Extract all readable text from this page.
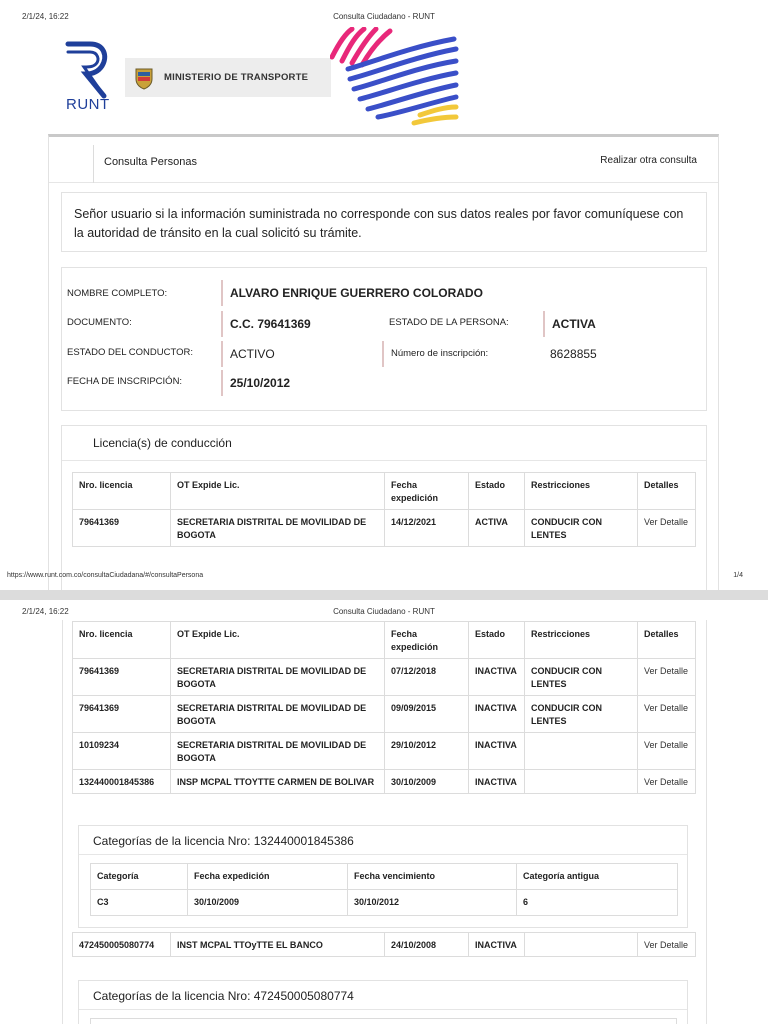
2/1/24, 16:22	Consulta Ciudadano - RUNT
RUNT
MINISTERIO DE TRANSPORTE
Consulta Personas	Realizar otra consulta
Señor usuario si la información suministrada no corresponde con sus datos reales por favor comuníquese con la autoridad de tránsito en la cual solicitó su trámite.
NOMBRE COMPLETO:	ALVARO ENRIQUE GUERRERO COLORADO
DOCUMENTO:	C.C. 79641369	ESTADO DE LA PERSONA:	ACTIVA
ESTADO DEL CONDUCTOR:	ACTIVO	Número de inscripción:	8628855
FECHA DE INSCRIPCIÓN:	25/10/2012
Licencia(s) de conducción
Nro. licencia	OT Expide Lic.	Fecha expedición	Estado	Restricciones	Detalles
79641369	SECRETARIA DISTRITAL DE MOVILIDAD DE BOGOTA	14/12/2021	ACTIVA	CONDUCIR CON LENTES	Ver Detalle
https://www.runt.com.co/consultaCiudadana/#/consultaPersona	1/4
2/1/24, 16:22	Consulta Ciudadano - RUNT
Nro. licencia	OT Expide Lic.	Fecha expedición	Estado	Restricciones	Detalles
79641369	SECRETARIA DISTRITAL DE MOVILIDAD DE BOGOTA	07/12/2018	INACTIVA	CONDUCIR CON LENTES	Ver Detalle
79641369	SECRETARIA DISTRITAL DE MOVILIDAD DE BOGOTA	09/09/2015	INACTIVA	CONDUCIR CON LENTES	Ver Detalle
10109234	SECRETARIA DISTRITAL DE MOVILIDAD DE BOGOTA	29/10/2012	INACTIVA		Ver Detalle
132440001845386	INSP MCPAL TTOYTTE CARMEN DE BOLIVAR	30/10/2009	INACTIVA		Ver Detalle
Categorías de la licencia Nro: 132440001845386
Categoría	Fecha expedición	Fecha vencimiento	Categoría antigua
C3	30/10/2009	30/10/2012	6
472450005080774	INST MCPAL TTOyTTE EL BANCO	24/10/2008	INACTIVA		Ver Detalle
Categorías de la licencia Nro: 472450005080774
